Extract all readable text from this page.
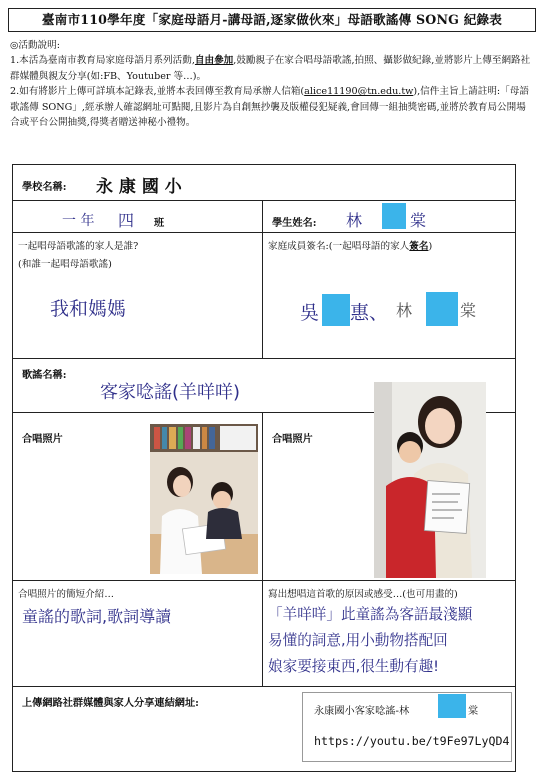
臺南市110學年度「家庭母語月-講母語,逐家做伙來」母語歌謠傳 SONG 紀錄表

◎活動說明:

1.本活為臺南市教育局家庭母語月系列活動,自由參加,鼓勵親子在家合唱母語歌謠,拍照、攝影做紀錄,並將影片上傳至網路社群媒體與親友分享(如:FB、Youtuber 等…)。

2.如有將影片上傳可詳填本記錄表,並將本表回傳至教育局承辦人信箱(alice11190@tn.edu.tw),信件主旨上請註明:「母語歌謠傳 SONG」,經承辦人確認網址可點閱,且影片為自創無抄襲及版權侵犯疑義,會回傳一組抽獎密碼,並將於教育局公開場合或平台公開抽獎,得獎者贈送神秘小禮物。

學校名稱: 永 康 國 小
一 年 四 班	學生姓名: 林	棠
一起唱母語歌謠的家人是誰?
(和誰一起唱母語歌謠)
我和媽媽
家庭成員簽名:(一起唱母語的家人簽名)
吳 惠、 林	棠
歌謠名稱:
客家唸謠(羊咩咩)
合唱照片	合唱照片
合唱照片的簡短介紹…
童謠的歌詞,歌詞導讀
寫出想唱這首歌的原因或感受…(也可用畫的)
「羊咩咩」此童謠為客語最淺顯
易懂的詞意,用小動物搭配回
娘家要接東西,很生動有趣!
上傳網路社群媒體與家人分享連結網址:
永康國小客家唸謠-林	棠
https://youtu.be/t9Fe97LyQD4
